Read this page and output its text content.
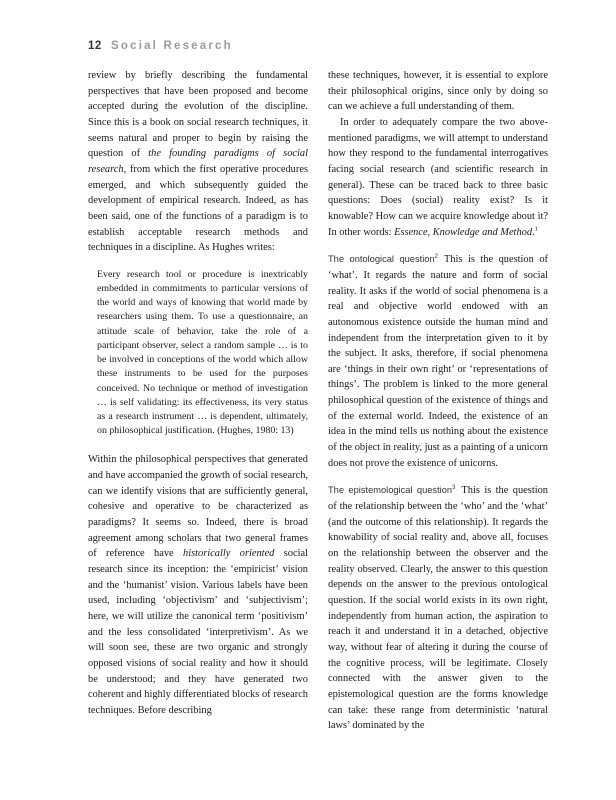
12 Social Research

review by briefly describing the fundamental perspectives that have been proposed and become accepted during the evolution of the discipline. Since this is a book on social research techniques, it seems natural and proper to begin by raising the question of the founding paradigms of social research, from which the first operative procedures emerged, and which subsequently guided the development of empirical research. Indeed, as has been said, one of the functions of a paradigm is to establish acceptable research methods and techniques in a discipline. As Hughes writes:

Every research tool or procedure is inextricably embedded in commitments to particular versions of the world and ways of knowing that world made by researchers using them. To use a questionnaire, an attitude scale of behavior, take the role of a participant observer, select a random sample … is to be involved in conceptions of the world which allow these instruments to be used for the purposes conceived. No technique or method of investigation … is self validating: its effectiveness, its very status as a research instrument … is dependent, ultimately, on philosophical justification. (Hughes, 1980: 13)

Within the philosophical perspectives that generated and have accompanied the growth of social research, can we identify visions that are sufficiently general, cohesive and operative to be characterized as paradigms? It seems so. Indeed, there is broad agreement among scholars that two general frames of reference have historically oriented social research since its inception: the ‘empiricist’ vision and the ‘humanist’ vision. Various labels have been used, including ‘objectivism’ and ‘subjectivism’; here, we will utilize the canonical term ‘positivism’ and the less consolidated ‘interpretivism’. As we will soon see, these are two organic and strongly opposed visions of social reality and how it should be understood; and they have generated two coherent and highly differentiated blocks of research techniques. Before describing

these techniques, however, it is essential to explore their philosophical origins, since only by doing so can we achieve a full understanding of them.

In order to adequately compare the two above-mentioned paradigms, we will attempt to understand how they respond to the fundamental interrogatives facing social research (and scientific research in general). These can be traced back to three basic questions: Does (social) reality exist? Is it knowable? How can we acquire knowledge about it? In other words: Essence, Knowledge and Method.$^1$

The ontological question$^2$ This is the question of ‘what’. It regards the nature and form of social reality. It asks if the world of social phenomena is a real and objective world endowed with an autonomous existence outside the human mind and independent from the interpretation given to it by the subject. It asks, therefore, if social phenomena are ‘things in their own right’ or ‘representations of things’. The problem is linked to the more general philosophical question of the existence of things and of the external world. Indeed, the existence of an idea in the mind tells us nothing about the existence of the object in reality, just as a painting of a unicorn does not prove the existence of unicorns.

The epistemological question$^3$ This is the question of the relationship between the ‘who’ and the ‘what’ (and the outcome of this relationship). It regards the knowability of social reality and, above all, focuses on the relationship between the observer and the reality observed. Clearly, the answer to this question depends on the answer to the previous ontological question. If the social world exists in its own right, independently from human action, the aspiration to reach it and understand it in a detached, objective way, without fear of altering it during the course of the cognitive process, will be legitimate. Closely connected with the answer given to the epistemological question are the forms knowledge can take: these range from deterministic ‘natural laws’ dominated by the
